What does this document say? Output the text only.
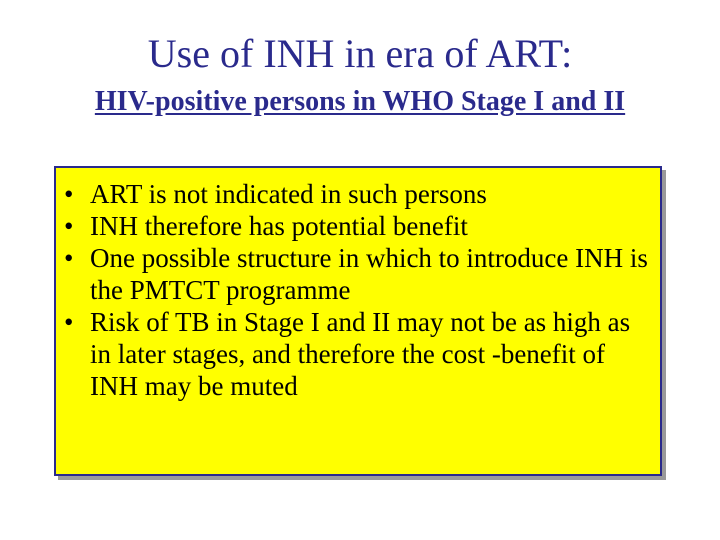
Use of INH in era of ART:
HIV-positive persons in WHO Stage I and II
• ART is not indicated in such persons
• INH therefore has potential benefit
• One possible structure in which to introduce INH is the PMTCT programme
• Risk of TB in Stage I and II may not be as high as in later stages, and therefore the cost -benefit of INH may be muted
